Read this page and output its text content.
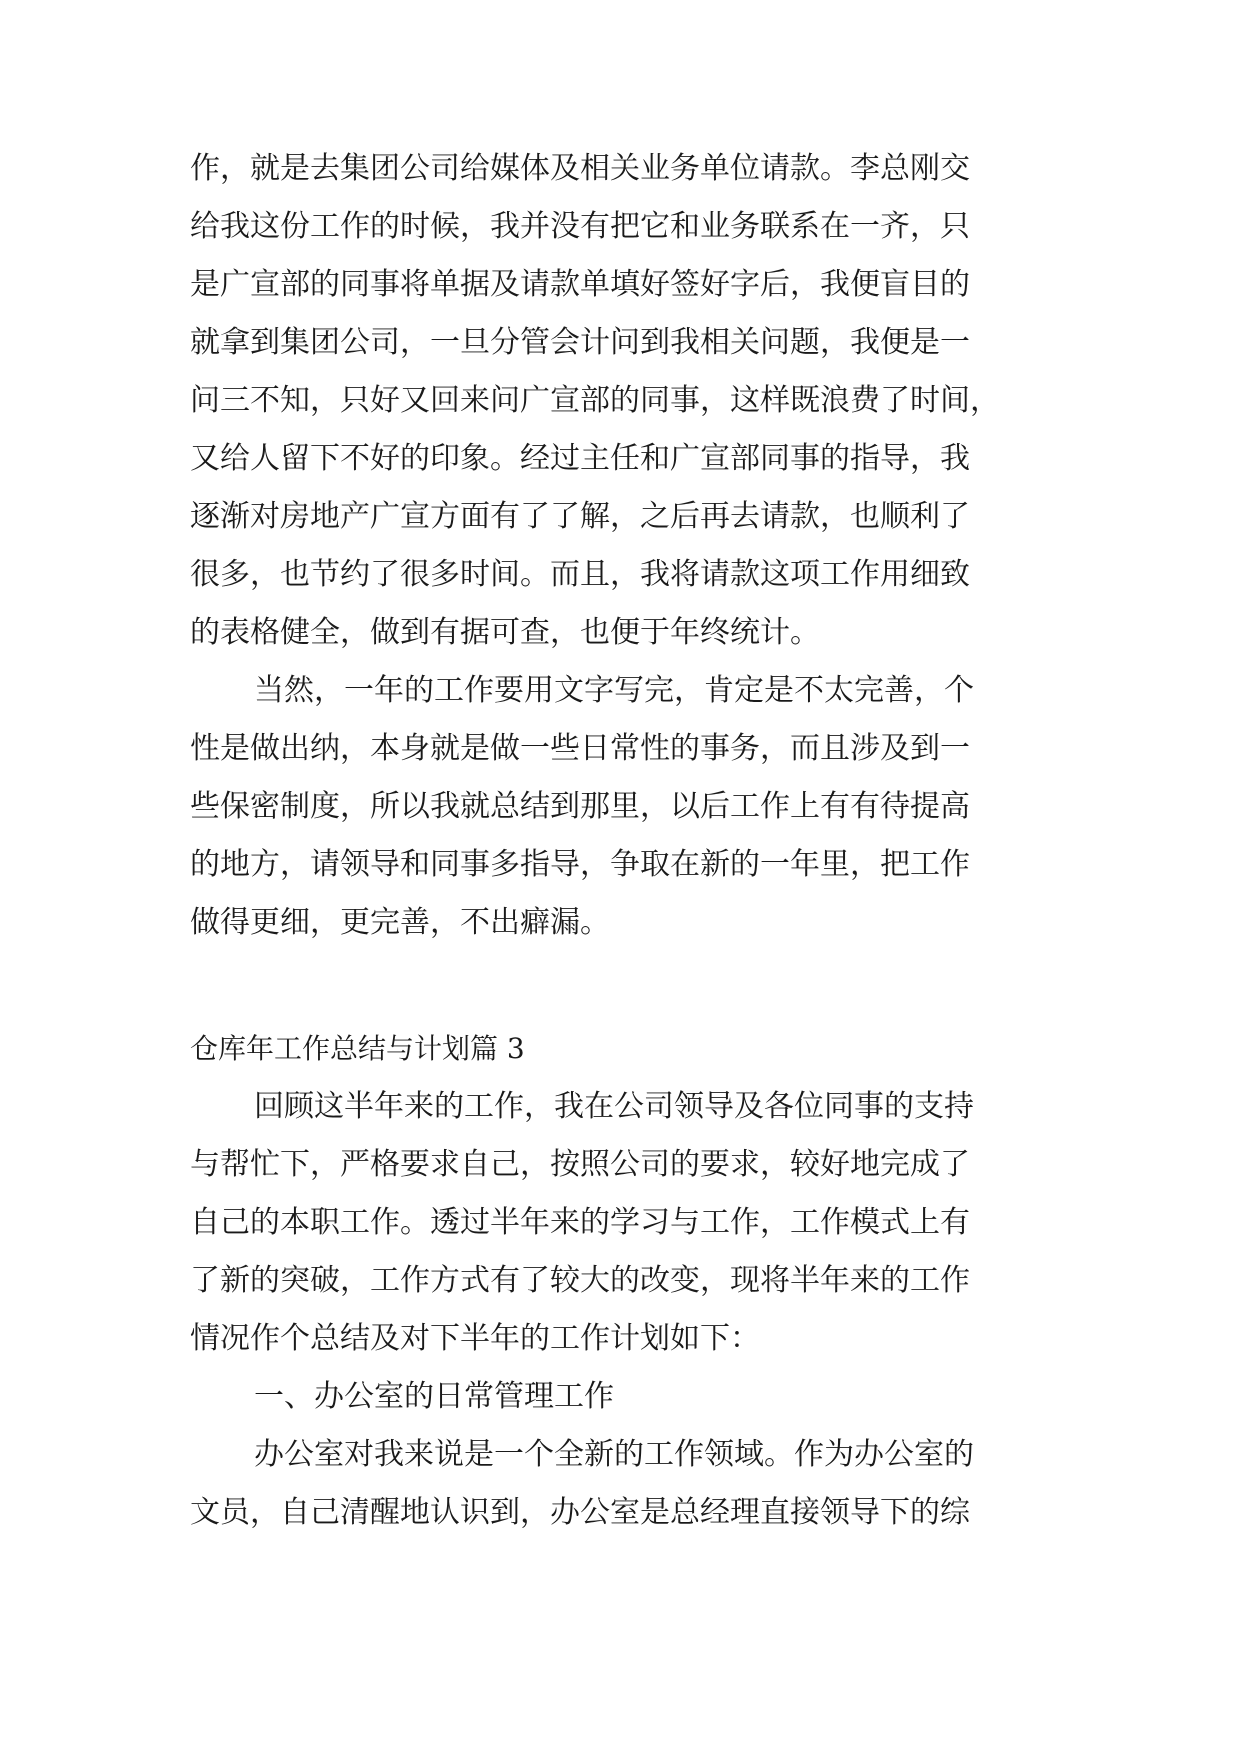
作，就是去集团公司给媒体及相关业务单位请款。李总刚交
给我这份工作的时候，我并没有把它和业务联系在一齐，只
是广宣部的同事将单据及请款单填好签好字后，我便盲目的
就拿到集团公司，一旦分管会计问到我相关问题，我便是一
问三不知，只好又回来问广宣部的同事，这样既浪费了时间，
又给人留下不好的印象。经过主任和广宣部同事的指导，我
逐渐对房地产广宣方面有了了解，之后再去请款，也顺利了
很多，也节约了很多时间。而且，我将请款这项工作用细致
的表格健全，做到有据可查，也便于年终统计。
当然，一年的工作要用文字写完，肯定是不太完善，个
性是做出纳，本身就是做一些日常性的事务，而且涉及到一
些保密制度，所以我就总结到那里，以后工作上有有待提高
的地方，请领导和同事多指导，争取在新的一年里，把工作
做得更细，更完善，不出癖漏。
仓库年工作总结与计划篇 3
回顾这半年来的工作，我在公司领导及各位同事的支持
与帮忙下，严格要求自己，按照公司的要求，较好地完成了
自己的本职工作。透过半年来的学习与工作，工作模式上有
了新的突破，工作方式有了较大的改变，现将半年来的工作
情况作个总结及对下半年的工作计划如下：
一、办公室的日常管理工作
办公室对我来说是一个全新的工作领域。作为办公室的
文员，自己清醒地认识到，办公室是总经理直接领导下的综
